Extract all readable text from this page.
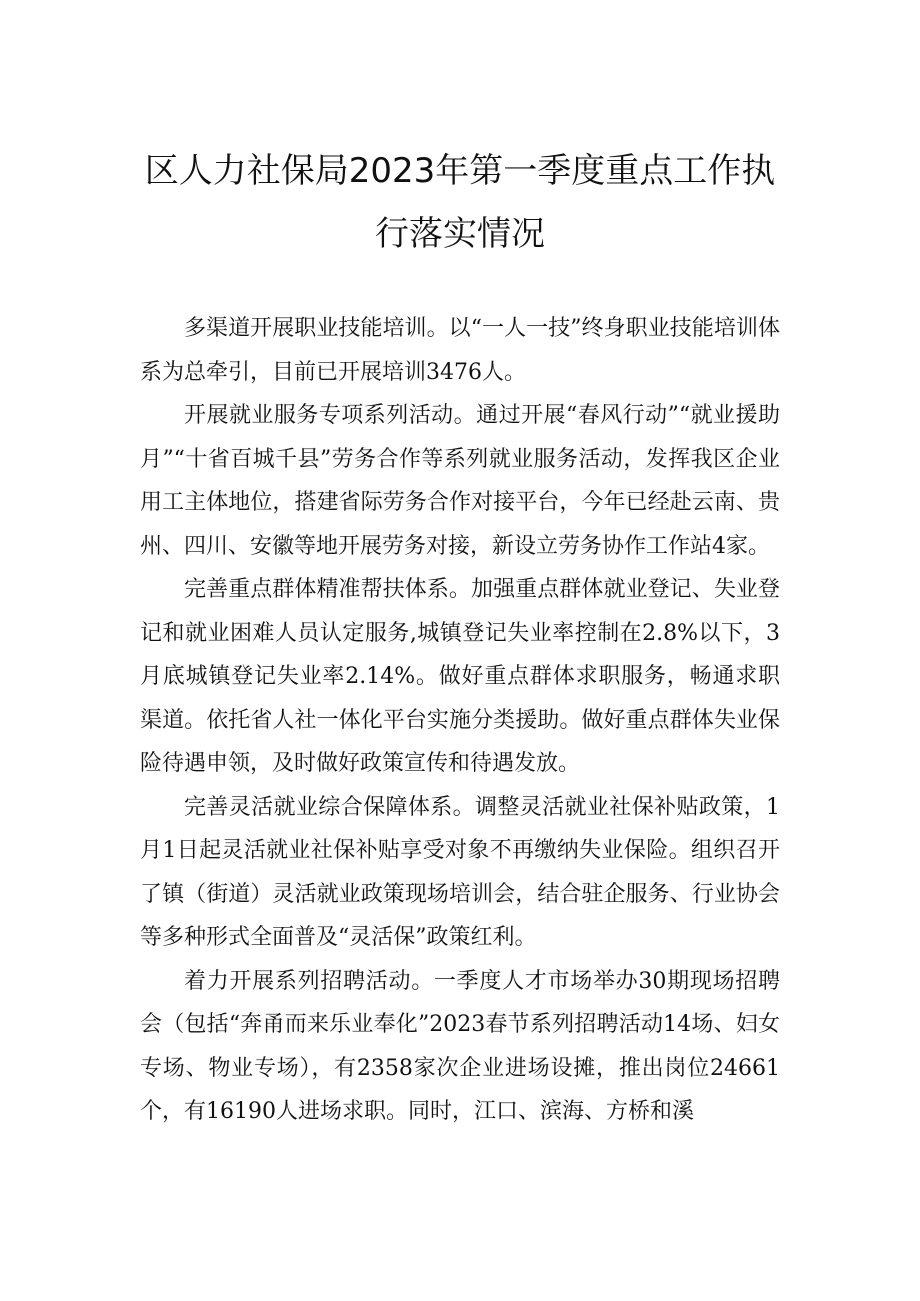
区人力社保局2023年第一季度重点工作执
行落实情况

多渠道开展职业技能培训。以“一人一技”终身职业技能培训体系为总牵引，目前已开展培训3476人。

开展就业服务专项系列活动。通过开展“春风行动”“就业援助月”“十省百城千县”劳务合作等系列就业服务活动，发挥我区企业用工主体地位，搭建省际劳务合作对接平台，今年已经赴云南、贵州、四川、安徽等地开展劳务对接，新设立劳务协作工作站4家。

完善重点群体精准帮扶体系。加强重点群体就业登记、失业登记和就业困难人员认定服务,城镇登记失业率控制在2.8%以下，3月底城镇登记失业率2.14%。做好重点群体求职服务，畅通求职渠道。依托省人社一体化平台实施分类援助。做好重点群体失业保险待遇申领，及时做好政策宣传和待遇发放。

完善灵活就业综合保障体系。调整灵活就业社保补贴政策，1月1日起灵活就业社保补贴享受对象不再缴纳失业保险。组织召开了镇（街道）灵活就业政策现场培训会，结合驻企服务、行业协会等多种形式全面普及“灵活保”政策红利。

着力开展系列招聘活动。一季度人才市场举办30期现场招聘会（包括“奔甬而来乐业奉化”2023春节系列招聘活动14场、妇女专场、物业专场），有2358家次企业进场设摊，推出岗位24661个，有16190人进场求职。同时，江口、滨海、方桥和溪
